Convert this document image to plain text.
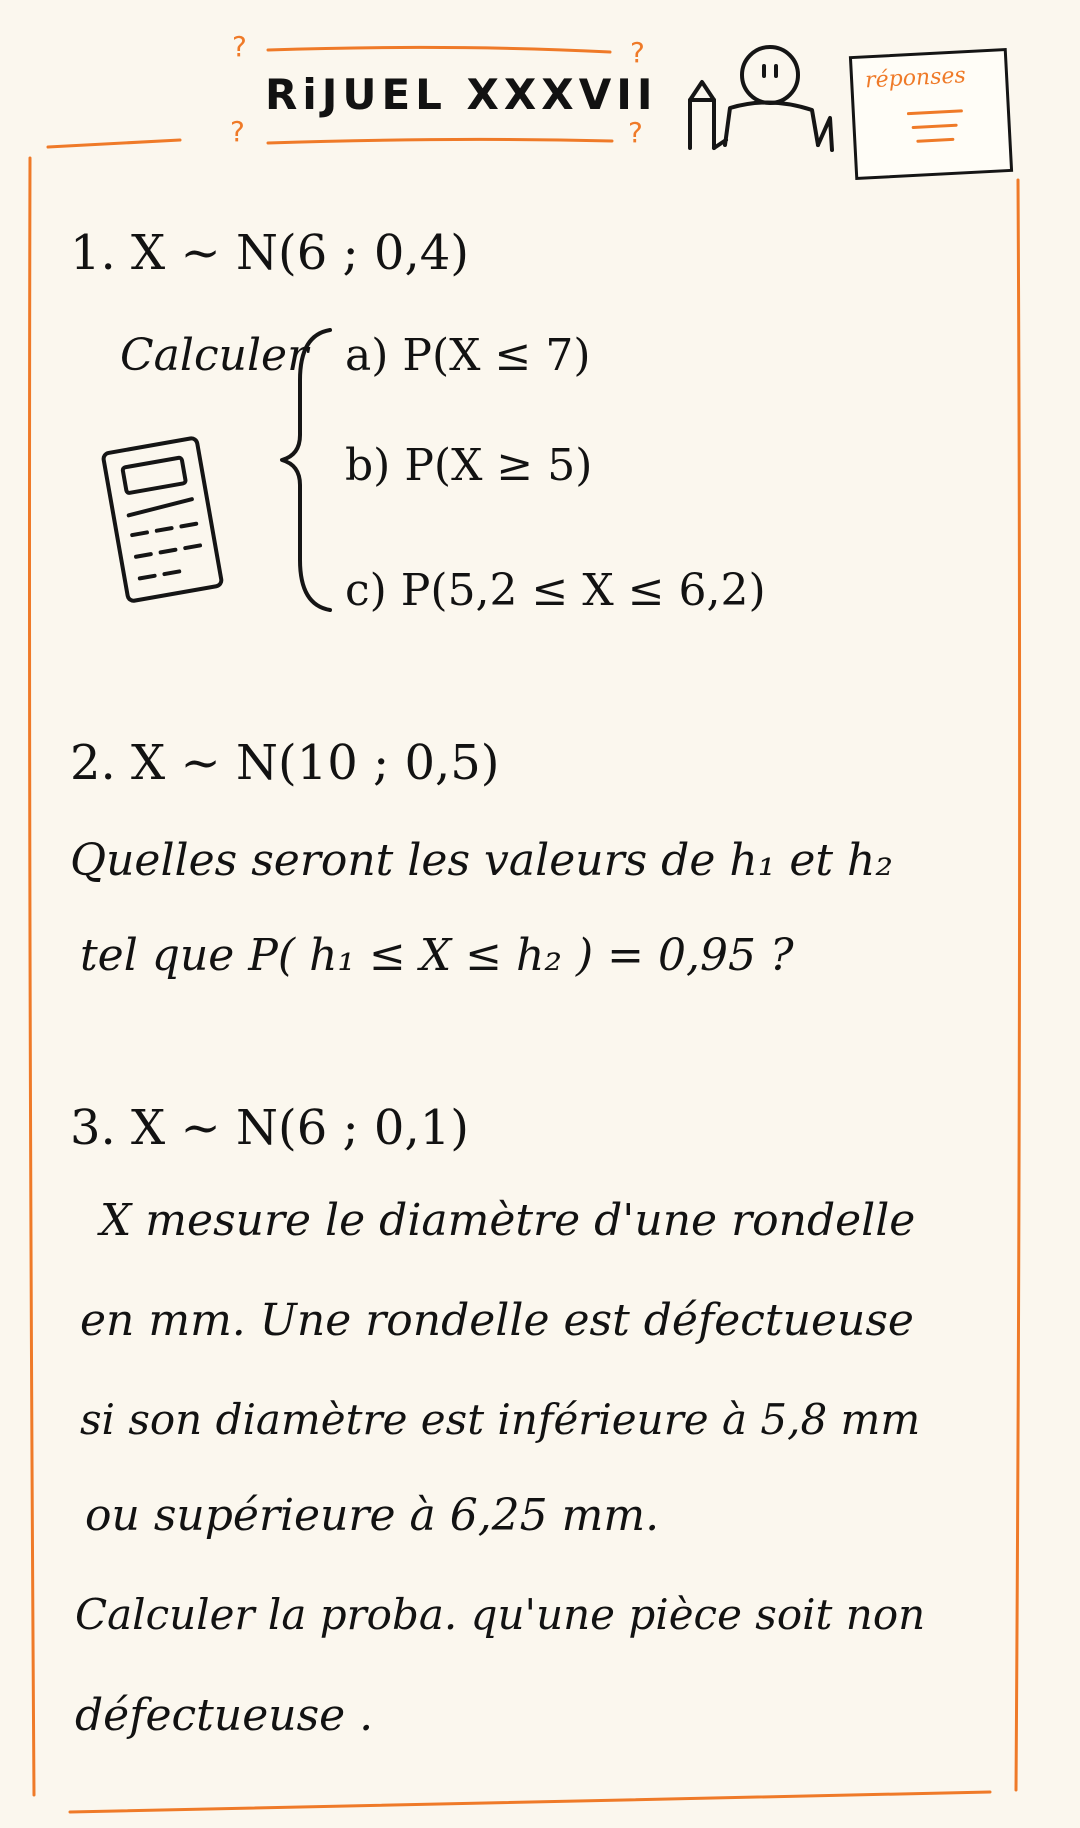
?
?
?
?
RiJUEL XXXVII	réponses
1. X ~ N(6 ; 0,4)
Calculer a) P(X ≤ 7)
b) P(X ≥ 5)
c) P(5,2 ≤ X ≤ 6,2)
2. X ~ N(10 ; 0,5)
Quelles seront les valeurs de h₁ et h₂
tel que P( h₁ ≤ X ≤ h₂ ) = 0,95 ?
3. X ~ N(6 ; 0,1)
X mesure le diamètre d'une rondelle
en mm. Une rondelle est défectueuse
si son diamètre est inférieure à 5,8 mm
ou supérieure à 6,25 mm.
Calculer la proba. qu'une pièce soit non
défectueuse .
